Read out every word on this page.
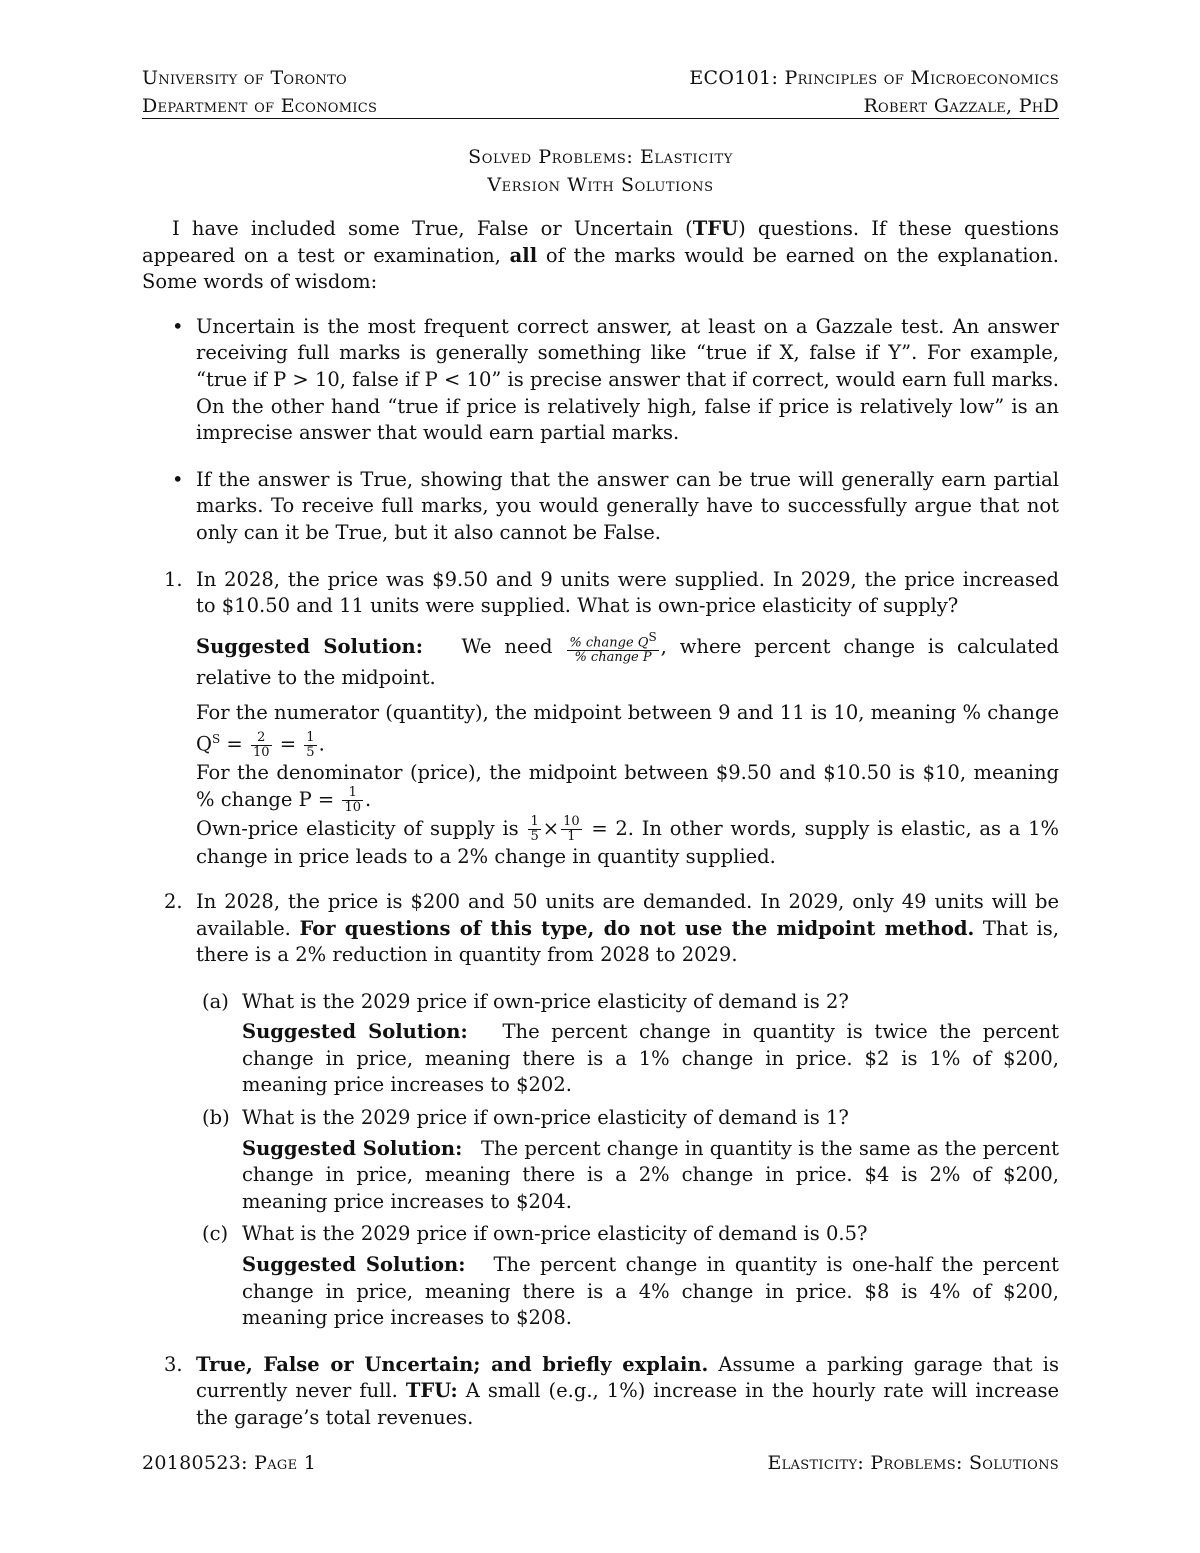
University of Toronto	ECO101: Principles of Microeconomics
Department of Economics	Robert Gazzale, PhD
Solved Problems: Elasticity
Version With Solutions

I have included some True, False or Uncertain (TFU) questions. If these questions appeared on a test or examination, all of the marks would be earned on the explanation. Some words of wisdom:

• Uncertain is the most frequent correct answer, at least on a Gazzale test. An answer receiving full marks is generally something like “true if X, false if Y”. For example, “true if P > 10, false if P < 10” is precise answer that if correct, would earn full marks. On the other hand “true if price is relatively high, false if price is relatively low” is an imprecise answer that would earn partial marks.

• If the answer is True, showing that the answer can be true will generally earn partial marks. To receive full marks, you would generally have to successfully argue that not only can it be True, but it also cannot be False.

1. In 2028, the price was $9.50 and 9 units were supplied. In 2029, the price increased to $10.50 and 11 units were supplied. What is own-price elasticity of supply?

Suggested Solution: We need $\frac{\% change Q^S}{\text{\% change P}}$ , where percent change is calculated relative to the midpoint.

For the numerator (quantity), the midpoint between 9 and 11 is 10, meaning % change $Q^S = \frac{2}{10} = \frac{1}{5}$ .

For the denominator (price), the midpoint between $9.50 and $10.50 is $10, meaning % change $P = \frac{1}{10}$ .

Own-price elasticity of supply is $\frac{1}{5} \times \frac{10}{1} = 2$. In other words, supply is elastic, as a 1% change in price leads to a 2% change in quantity supplied.

2. In 2028, the price is $200 and 50 units are demanded. In 2029, only 49 units will be available. For questions of this type, do not use the midpoint method. That is, there is a 2% reduction in quantity from 2028 to 2029.

(a) What is the 2029 price if own-price elasticity of demand is 2?

Suggested Solution: The percent change in quantity is twice the percent change in price, meaning there is a 1% change in price. $2 is 1% of $200, meaning price increases to $202.

(b) What is the 2029 price if own-price elasticity of demand is 1?

Suggested Solution: The percent change in quantity is the same as the percent change in price, meaning there is a 2% change in price. $4 is 2% of $200, meaning price increases to $204.

(c) What is the 2029 price if own-price elasticity of demand is 0.5?

Suggested Solution: The percent change in quantity is one-half the percent change in price, meaning there is a 4% change in price. $8 is 4% of $200, meaning price increases to $208.

3. True, False or Uncertain; and briefly explain. Assume a parking garage that is currently never full. TFU: A small (e.g., 1%) increase in the hourly rate will increase the garage’s total revenues.

20180523: Page 1	Elasticity: Problems: Solutions
